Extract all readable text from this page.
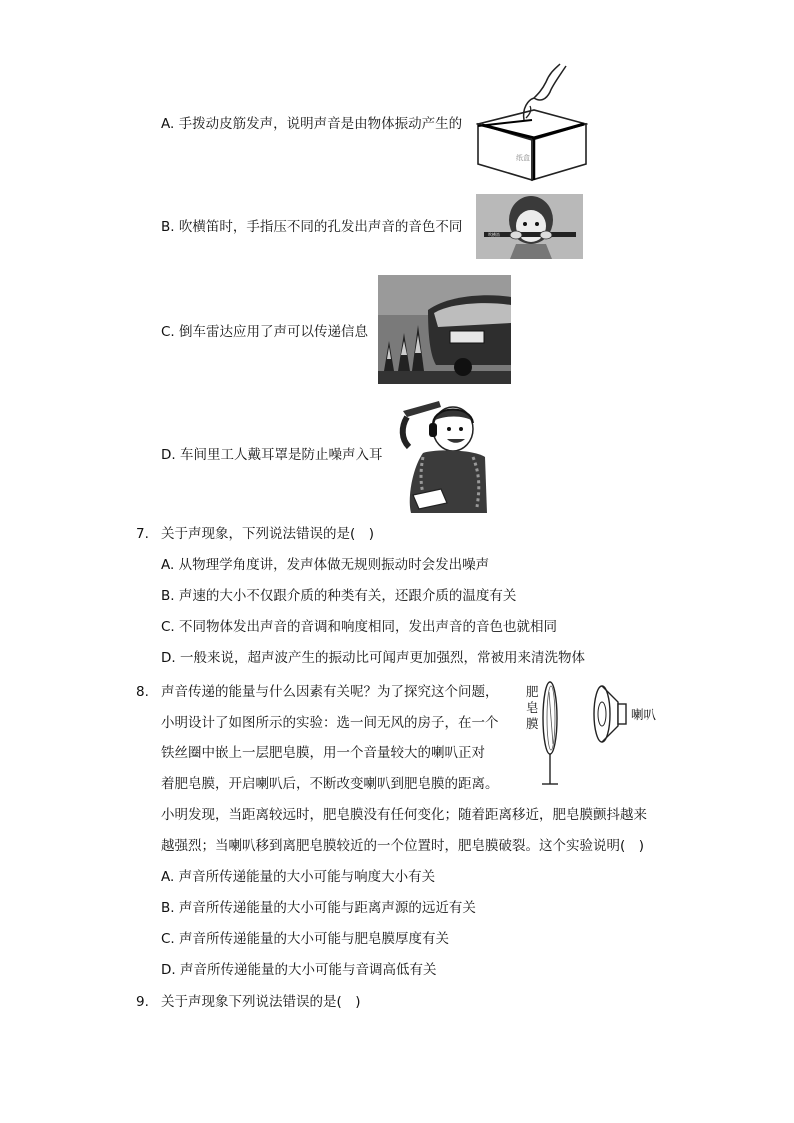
A. 手拨动皮筋发声，说明声音是由物体振动产生的
纸盒
B. 吹横笛时，手指压不同的孔发出声音的音色不同	吹横笛
C. 倒车雷达应用了声可以传递信息
D. 车间里工人戴耳罩是防止噪声入耳
7. 关于声现象，下列说法错误的是(　)
A. 从物理学角度讲，发声体做无规则振动时会发出噪声
B. 声速的大小不仅跟介质的种类有关，还跟介质的温度有关
C. 不同物体发出声音的音调和响度相同，发出声音的音色也就相同
D. 一般来说，超声波产生的振动比可闻声更加强烈，常被用来清洗物体
8. 声音传递的能量与什么因素有关呢？为了探究这个问题，
小明设计了如图所示的实验：选一间无风的房子，在一个
铁丝圈中嵌上一层肥皂膜，用一个音量较大的喇叭正对
着肥皂膜，开启喇叭后，不断改变喇叭到肥皂膜的距离。
小明发现，当距离较远时，肥皂膜没有任何变化；随着距离移近，肥皂膜颤抖越来
越强烈；当喇叭移到离肥皂膜较近的一个位置时，肥皂膜破裂。这个实验说明(　)
肥皂膜
喇叭
A. 声音所传递能量的大小可能与响度大小有关
B. 声音所传递能量的大小可能与距离声源的远近有关
C. 声音所传递能量的大小可能与肥皂膜厚度有关
D. 声音所传递能量的大小可能与音调高低有关
9. 关于声现象下列说法错误的是(　)
